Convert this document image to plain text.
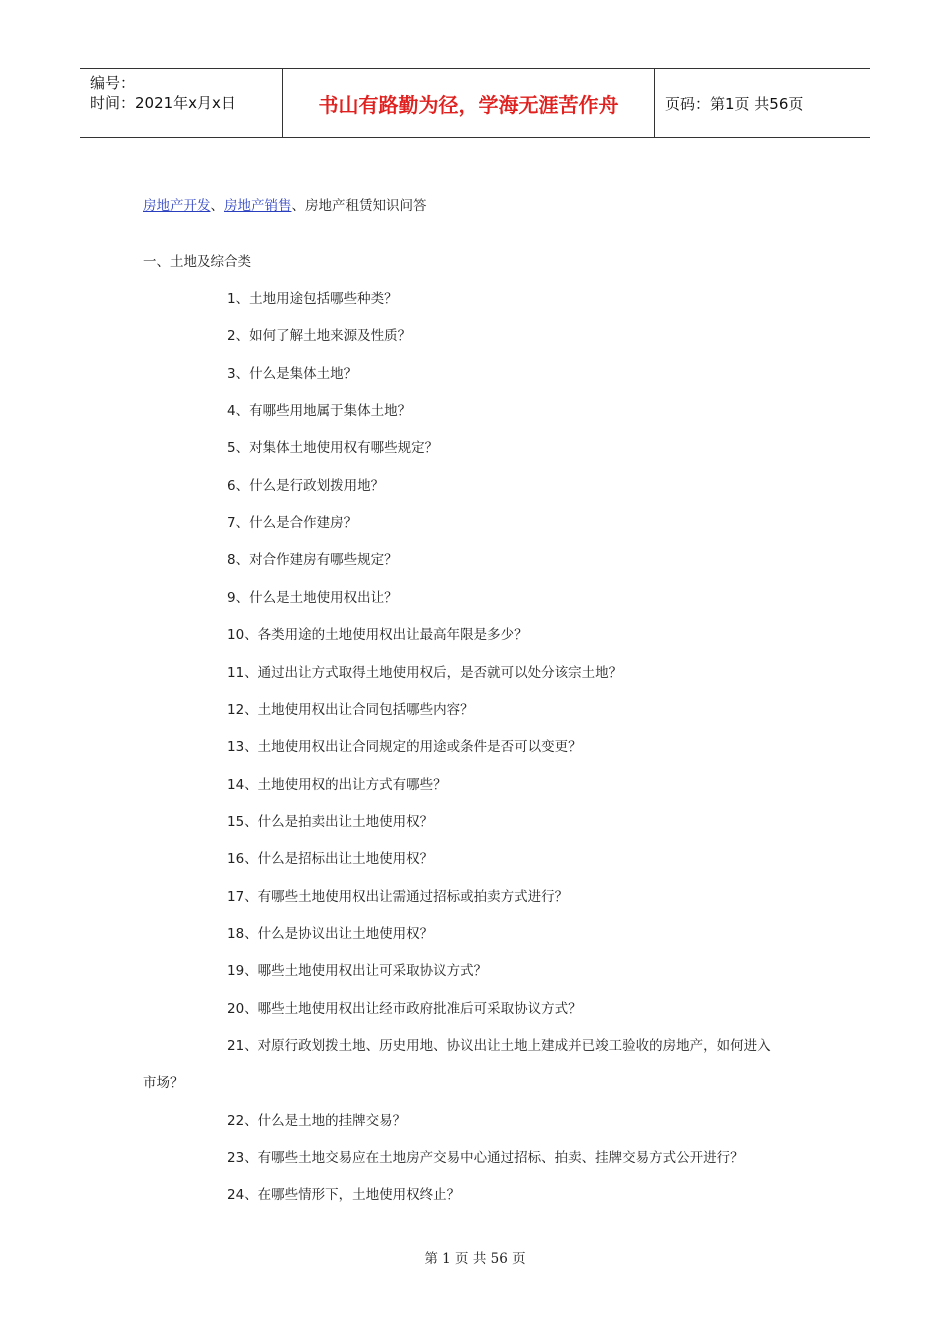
编号：
时间：2021年x月x日	书山有路勤为径，学海无涯苦作舟	页码：第1页 共56页
房地产开发、房地产销售、房地产租赁知识问答
一、土地及综合类
1、土地用途包括哪些种类？
2、如何了解土地来源及性质？
3、什么是集体土地？
4、有哪些用地属于集体土地？
5、对集体土地使用权有哪些规定？
6、什么是行政划拨用地？
7、什么是合作建房？
8、对合作建房有哪些规定？
9、什么是土地使用权出让？
10、各类用途的土地使用权出让最高年限是多少？
11、通过出让方式取得土地使用权后，是否就可以处分该宗土地？
12、土地使用权出让合同包括哪些内容？
13、土地使用权出让合同规定的用途或条件是否可以变更？
14、土地使用权的出让方式有哪些？
15、什么是拍卖出让土地使用权？
16、什么是招标出让土地使用权？
17、有哪些土地使用权出让需通过招标或拍卖方式进行？
18、什么是协议出让土地使用权？
19、哪些土地使用权出让可采取协议方式？
20、哪些土地使用权出让经市政府批准后可采取协议方式？
21、对原行政划拨土地、历史用地、协议出让土地上建成并已竣工验收的房地产，如何进入
市场？
22、什么是土地的挂牌交易？
23、有哪些土地交易应在土地房产交易中心通过招标、拍卖、挂牌交易方式公开进行？
24、在哪些情形下，土地使用权终止？
第 1 页 共 56 页
